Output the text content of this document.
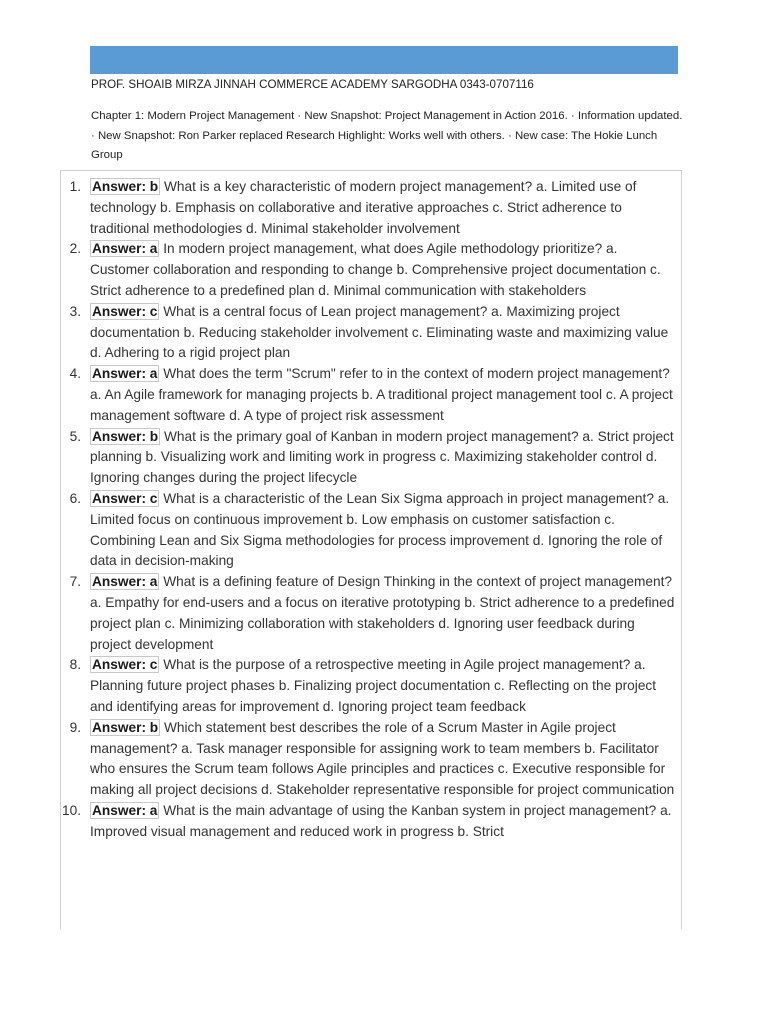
PROF. SHOAIB MIRZA JINNAH COMMERCE ACADEMY SARGODHA 0343-0707116
Chapter 1: Modern Project Management · New Snapshot: Project Management in Action 2016. · Information updated. · New Snapshot: Ron Parker replaced Research Highlight: Works well with others. · New case: The Hokie Lunch Group
1. Answer: b What is a key characteristic of modern project management? a. Limited use of technology b. Emphasis on collaborative and iterative approaches c. Strict adherence to traditional methodologies d. Minimal stakeholder involvement
2. Answer: a In modern project management, what does Agile methodology prioritize? a. Customer collaboration and responding to change b. Comprehensive project documentation c. Strict adherence to a predefined plan d. Minimal communication with stakeholders
3. Answer: c What is a central focus of Lean project management? a. Maximizing project documentation b. Reducing stakeholder involvement c. Eliminating waste and maximizing value d. Adhering to a rigid project plan
4. Answer: a What does the term "Scrum" refer to in the context of modern project management? a. An Agile framework for managing projects b. A traditional project management tool c. A project management software d. A type of project risk assessment
5. Answer: b What is the primary goal of Kanban in modern project management? a. Strict project planning b. Visualizing work and limiting work in progress c. Maximizing stakeholder control d. Ignoring changes during the project lifecycle
6. Answer: c What is a characteristic of the Lean Six Sigma approach in project management? a. Limited focus on continuous improvement b. Low emphasis on customer satisfaction c. Combining Lean and Six Sigma methodologies for process improvement d. Ignoring the role of data in decision-making
7. Answer: a What is a defining feature of Design Thinking in the context of project management? a. Empathy for end-users and a focus on iterative prototyping b. Strict adherence to a predefined project plan c. Minimizing collaboration with stakeholders d. Ignoring user feedback during project development
8. Answer: c What is the purpose of a retrospective meeting in Agile project management? a. Planning future project phases b. Finalizing project documentation c. Reflecting on the project and identifying areas for improvement d. Ignoring project team feedback
9. Answer: b Which statement best describes the role of a Scrum Master in Agile project management? a. Task manager responsible for assigning work to team members b. Facilitator who ensures the Scrum team follows Agile principles and practices c. Executive responsible for making all project decisions d. Stakeholder representative responsible for project communication
10. Answer: a What is the main advantage of using the Kanban system in project management? a. Improved visual management and reduced work in progress b. Strict
